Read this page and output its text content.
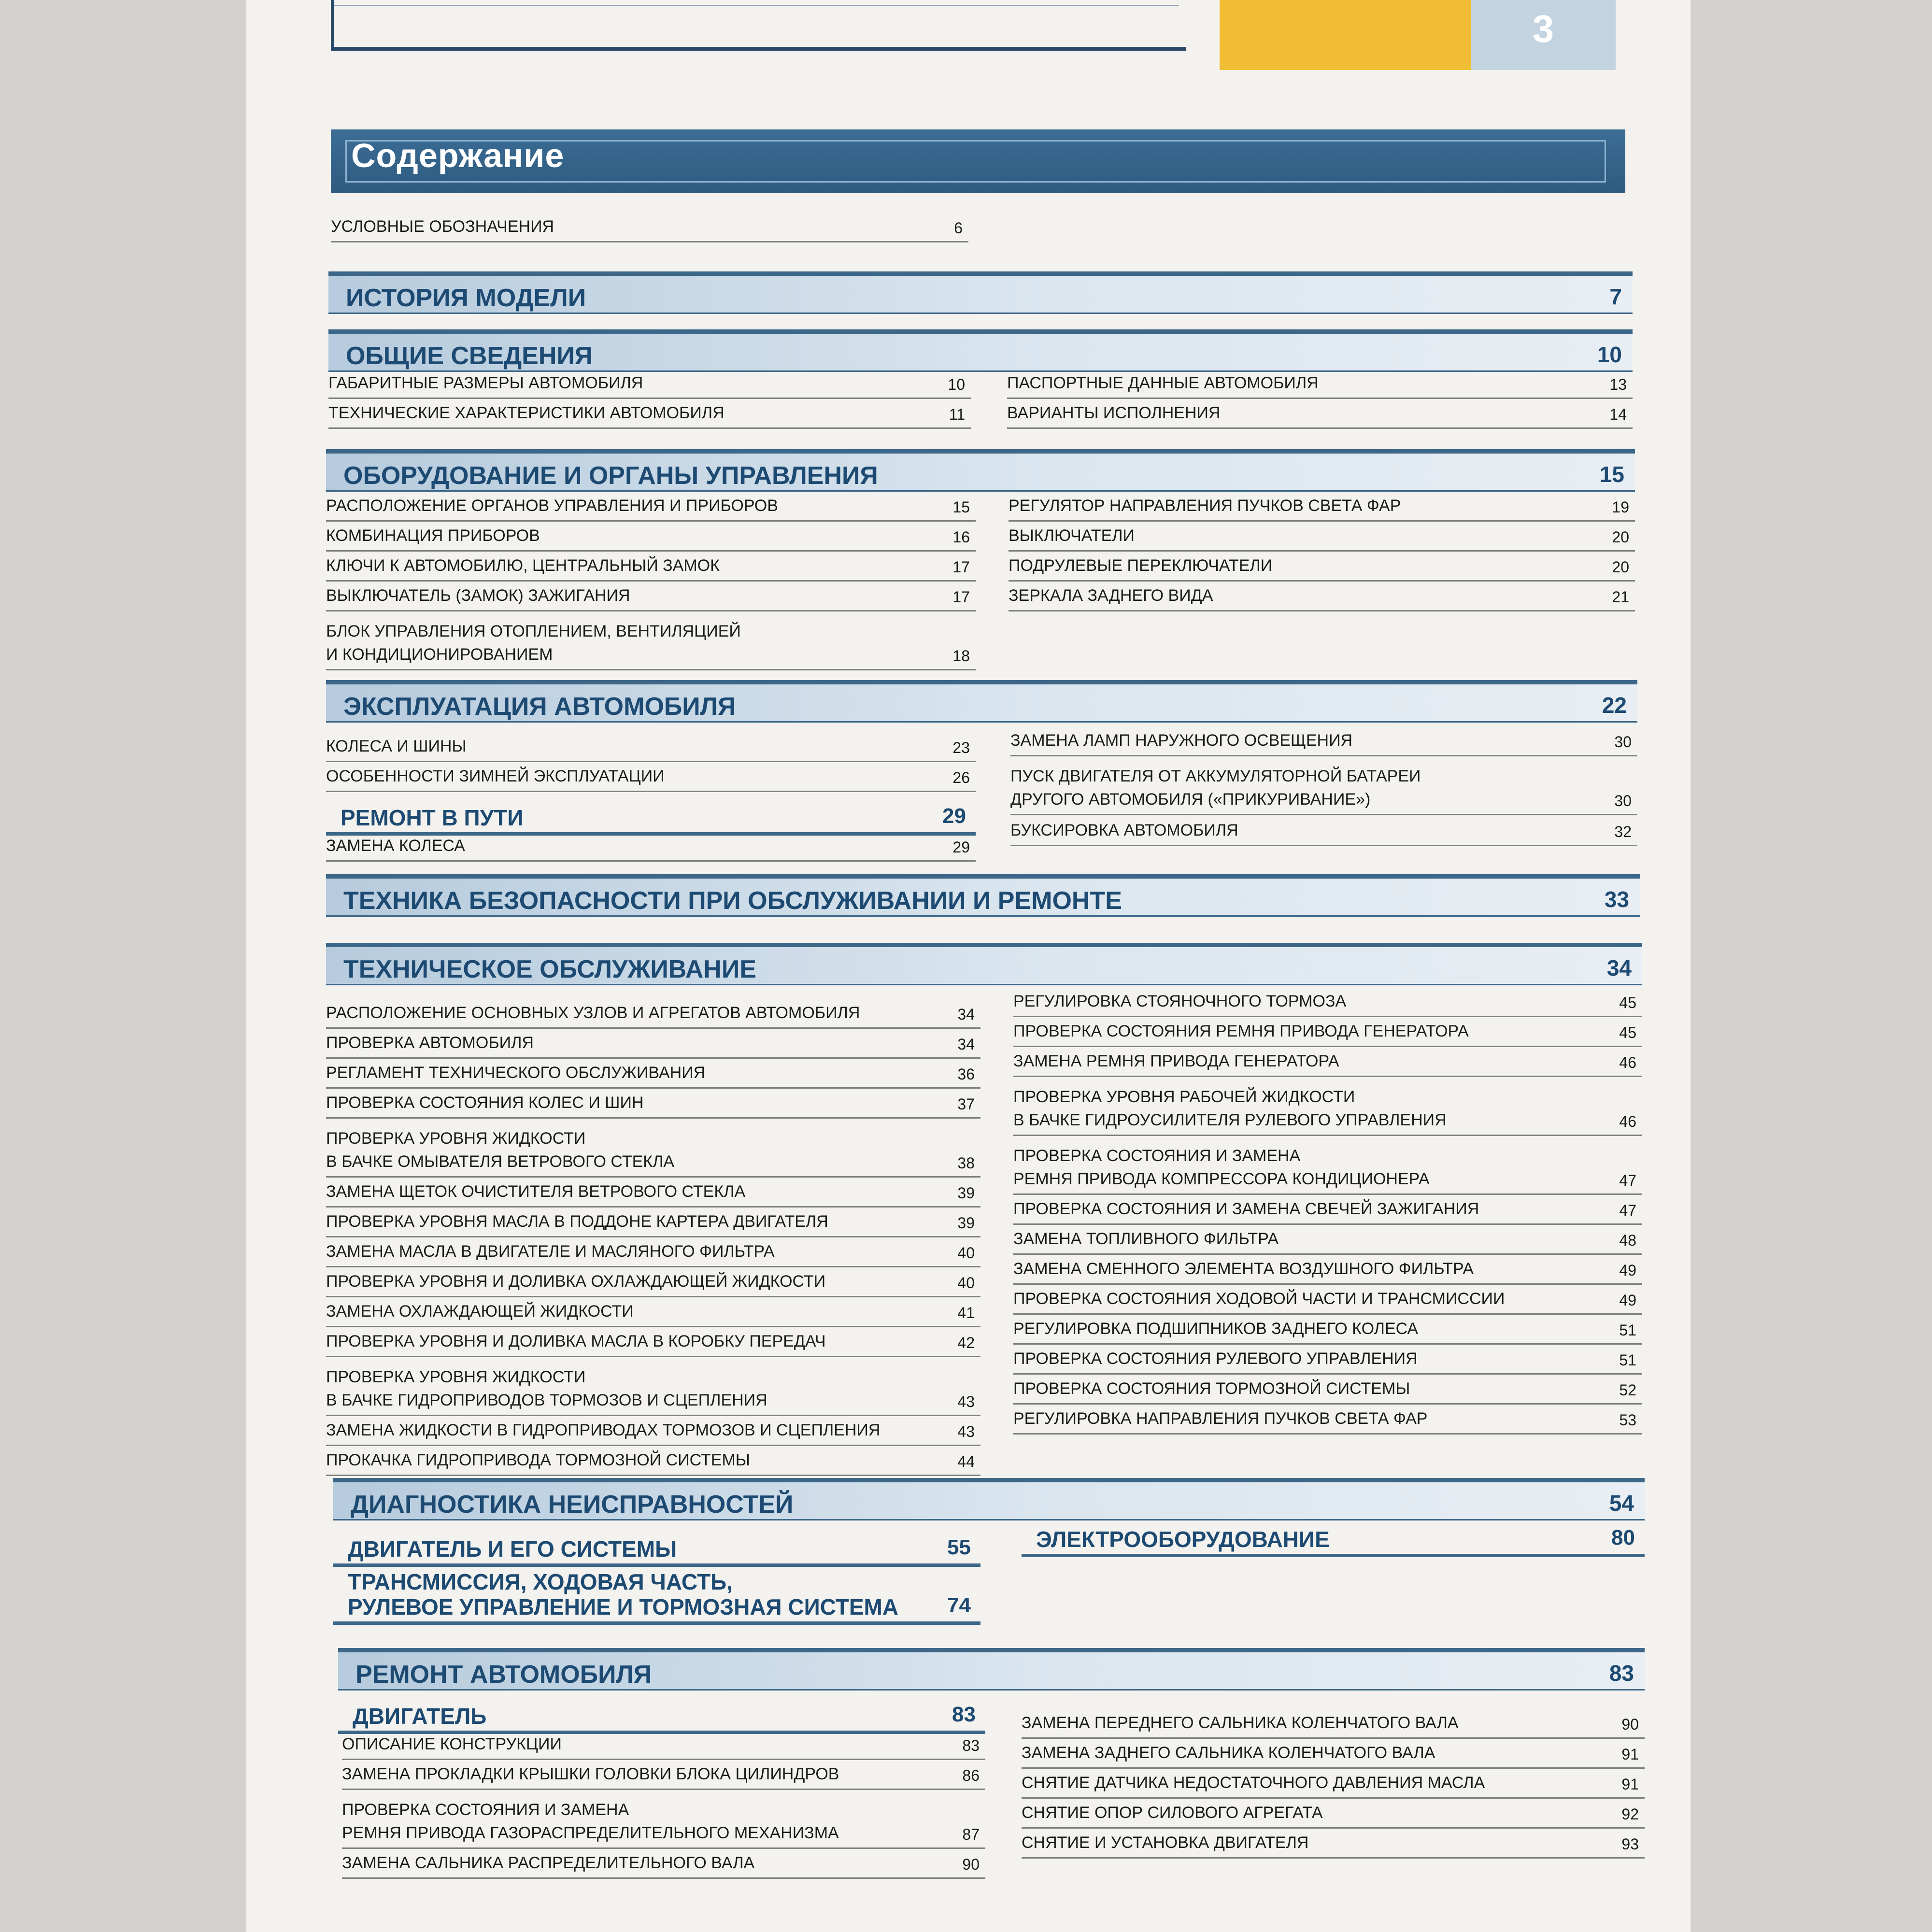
3
Содержание
УСЛОВНЫЕ ОБОЗНАЧЕНИЯ	6
ИСТОРИЯ МОДЕЛИ	7
ОБЩИЕ СВЕДЕНИЯ	10
ГАБАРИТНЫЕ РАЗМЕРЫ АВТОМОБИЛЯ	10
ТЕХНИЧЕСКИЕ ХАРАКТЕРИСТИКИ АВТОМОБИЛЯ	11
ПАСПОРТНЫЕ ДАННЫЕ АВТОМОБИЛЯ	13
ВАРИАНТЫ ИСПОЛНЕНИЯ	14
ОБОРУДОВАНИЕ И ОРГАНЫ УПРАВЛЕНИЯ	15
РАСПОЛОЖЕНИЕ ОРГАНОВ УПРАВЛЕНИЯ И ПРИБОРОВ	15
КОМБИНАЦИЯ ПРИБОРОВ	16
КЛЮЧИ К АВТОМОБИЛЮ, ЦЕНТРАЛЬНЫЙ ЗАМОК	17
ВЫКЛЮЧАТЕЛЬ (ЗАМОК) ЗАЖИГАНИЯ	17
БЛОК УПРАВЛЕНИЯ ОТОПЛЕНИЕМ, ВЕНТИЛЯЦИЕЙ
И КОНДИЦИОНИРОВАНИЕМ	18
РЕГУЛЯТОР НАПРАВЛЕНИЯ ПУЧКОВ СВЕТА ФАР	19
ВЫКЛЮЧАТЕЛИ	20
ПОДРУЛЕВЫЕ ПЕРЕКЛЮЧАТЕЛИ	20
ЗЕРКАЛА ЗАДНЕГО ВИДА	21
ЭКСПЛУАТАЦИЯ АВТОМОБИЛЯ	22
КОЛЕСА И ШИНЫ	23
ОСОБЕННОСТИ ЗИМНЕЙ ЭКСПЛУАТАЦИИ	26
РЕМОНТ В ПУТИ	29
ЗАМЕНА КОЛЕСА	29
ЗАМЕНА ЛАМП НАРУЖНОГО ОСВЕЩЕНИЯ	30
ПУСК ДВИГАТЕЛЯ ОТ АККУМУЛЯТОРНОЙ БАТАРЕИ
ДРУГОГО АВТОМОБИЛЯ («ПРИКУРИВАНИЕ»)	30
БУКСИРОВКА АВТОМОБИЛЯ	32
ТЕХНИКА БЕЗОПАСНОСТИ ПРИ ОБСЛУЖИВАНИИ И РЕМОНТЕ	33
ТЕХНИЧЕСКОЕ ОБСЛУЖИВАНИЕ	34
РАСПОЛОЖЕНИЕ ОСНОВНЫХ УЗЛОВ И АГРЕГАТОВ АВТОМОБИЛЯ	34
ПРОВЕРКА АВТОМОБИЛЯ	34
РЕГЛАМЕНТ ТЕХНИЧЕСКОГО ОБСЛУЖИВАНИЯ	36
ПРОВЕРКА СОСТОЯНИЯ КОЛЕС И ШИН	37
ПРОВЕРКА УРОВНЯ ЖИДКОСТИ
В БАЧКЕ ОМЫВАТЕЛЯ ВЕТРОВОГО СТЕКЛА	38
ЗАМЕНА ЩЕТОК ОЧИСТИТЕЛЯ ВЕТРОВОГО СТЕКЛА	39
ПРОВЕРКА УРОВНЯ МАСЛА В ПОДДОНЕ КАРТЕРА ДВИГАТЕЛЯ	39
ЗАМЕНА МАСЛА В ДВИГАТЕЛЕ И МАСЛЯНОГО ФИЛЬТРА	40
ПРОВЕРКА УРОВНЯ И ДОЛИВКА ОХЛАЖДАЮЩЕЙ ЖИДКОСТИ	40
ЗАМЕНА ОХЛАЖДАЮЩЕЙ ЖИДКОСТИ	41
ПРОВЕРКА УРОВНЯ И ДОЛИВКА МАСЛА В КОРОБКУ ПЕРЕДАЧ	42
ПРОВЕРКА УРОВНЯ ЖИДКОСТИ
В БАЧКЕ ГИДРОПРИВОДОВ ТОРМОЗОВ И СЦЕПЛЕНИЯ	43
ЗАМЕНА ЖИДКОСТИ В ГИДРОПРИВОДАХ ТОРМОЗОВ И СЦЕПЛЕНИЯ	43
ПРОКАЧКА ГИДРОПРИВОДА ТОРМОЗНОЙ СИСТЕМЫ	44
РЕГУЛИРОВКА СТОЯНОЧНОГО ТОРМОЗА	45
ПРОВЕРКА СОСТОЯНИЯ РЕМНЯ ПРИВОДА ГЕНЕРАТОРА	45
ЗАМЕНА РЕМНЯ ПРИВОДА ГЕНЕРАТОРА	46
ПРОВЕРКА УРОВНЯ РАБОЧЕЙ ЖИДКОСТИ
В БАЧКЕ ГИДРОУСИЛИТЕЛЯ РУЛЕВОГО УПРАВЛЕНИЯ	46
ПРОВЕРКА СОСТОЯНИЯ И ЗАМЕНА
РЕМНЯ ПРИВОДА КОМПРЕССОРА КОНДИЦИОНЕРА	47
ПРОВЕРКА СОСТОЯНИЯ И ЗАМЕНА СВЕЧЕЙ ЗАЖИГАНИЯ	47
ЗАМЕНА ТОПЛИВНОГО ФИЛЬТРА	48
ЗАМЕНА СМЕННОГО ЭЛЕМЕНТА ВОЗДУШНОГО ФИЛЬТРА	49
ПРОВЕРКА СОСТОЯНИЯ ХОДОВОЙ ЧАСТИ И ТРАНСМИССИИ	49
РЕГУЛИРОВКА ПОДШИПНИКОВ ЗАДНЕГО КОЛЕСА	51
ПРОВЕРКА СОСТОЯНИЯ РУЛЕВОГО УПРАВЛЕНИЯ	51
ПРОВЕРКА СОСТОЯНИЯ ТОРМОЗНОЙ СИСТЕМЫ	52
РЕГУЛИРОВКА НАПРАВЛЕНИЯ ПУЧКОВ СВЕТА ФАР	53
ДИАГНОСТИКА НЕИСПРАВНОСТЕЙ	54
ДВИГАТЕЛЬ И ЕГО СИСТЕМЫ	55
ТРАНСМИССИЯ, ХОДОВАЯ ЧАСТЬ,
РУЛЕВОЕ УПРАВЛЕНИЕ И ТОРМОЗНАЯ СИСТЕМА 74
ЭЛЕКТРООБОРУДОВАНИЕ	80
РЕМОНТ АВТОМОБИЛЯ	83
ДВИГАТЕЛЬ	83
ОПИСАНИЕ КОНСТРУКЦИИ	83
ЗАМЕНА ПРОКЛАДКИ КРЫШКИ ГОЛОВКИ БЛОКА ЦИЛИНДРОВ	86
ПРОВЕРКА СОСТОЯНИЯ И ЗАМЕНА
РЕМНЯ ПРИВОДА ГАЗОРАСПРЕДЕЛИТЕЛЬНОГО МЕХАНИЗМА	87
ЗАМЕНА САЛЬНИКА РАСПРЕДЕЛИТЕЛЬНОГО ВАЛА	90
ЗАМЕНА ПЕРЕДНЕГО САЛЬНИКА КОЛЕНЧАТОГО ВАЛА	90
ЗАМЕНА ЗАДНЕГО САЛЬНИКА КОЛЕНЧАТОГО ВАЛА	91
СНЯТИЕ ДАТЧИКА НЕДОСТАТОЧНОГО ДАВЛЕНИЯ МАСЛА	91
СНЯТИЕ ОПОР СИЛОВОГО АГРЕГАТА	92
СНЯТИЕ И УСТАНОВКА ДВИГАТЕЛЯ	93
